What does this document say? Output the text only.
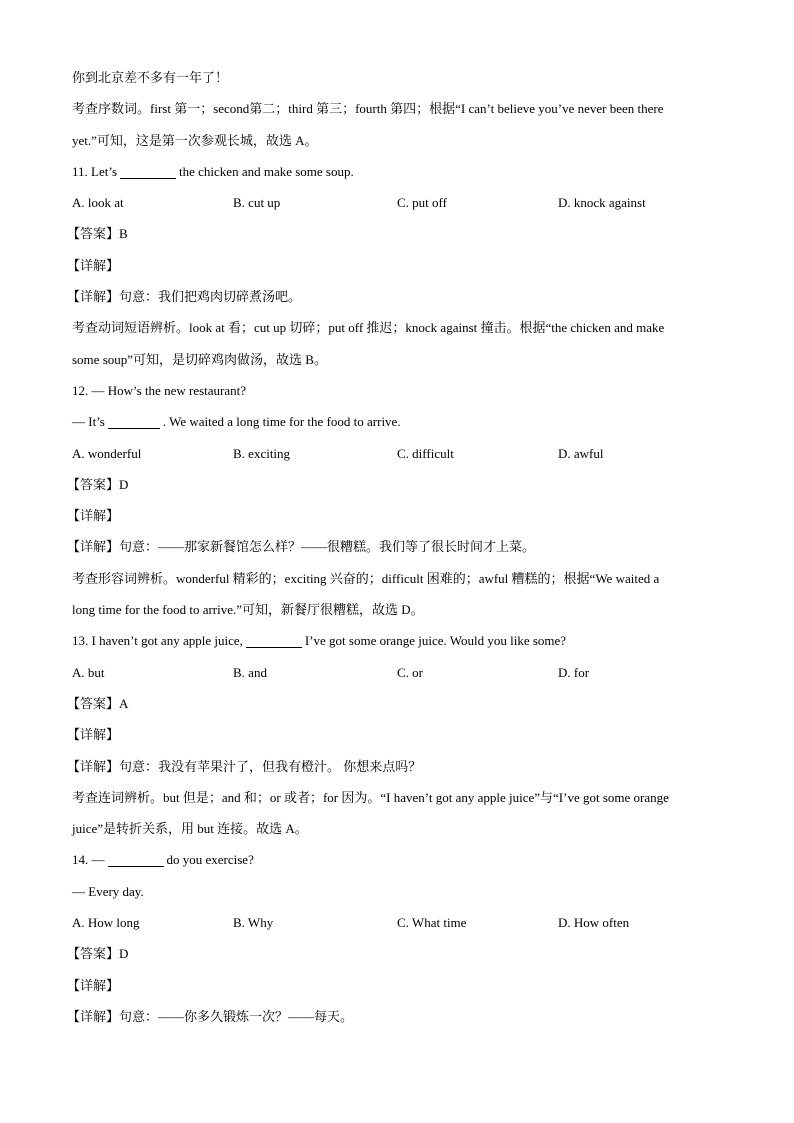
你到北京差不多有一年了！
考查序数词。first 第一；second第二；third 第三；fourth 第四；根据“I can’t believe you’ve never been there
yet.”可知，这是第一次参观长城，故选 A。
11. Let’s	the chicken and make some soup.
A. look at	B. cut up	C. put off	D. knock against
【答案】B
【详解】
【详解】句意：我们把鸡肉切碎煮汤吧。
考查动词短语辨析。look at 看；cut up 切碎；put off 推迟；knock against 撞击。根据“the chicken and make
some soup”可知，是切碎鸡肉做汤，故选 B。
12. — How’s the new restaurant?
— It’s	. We waited a long time for the food to arrive.
A. wonderful	B. exciting	C. difficult	D. awful
【答案】D
【详解】
【详解】句意：——那家新餐馆怎么样？——很糟糕。我们等了很长时间才上菜。
考查形容词辨析。wonderful 精彩的；exciting 兴奋的；difficult 困难的；awful 糟糕的；根据“We waited a
long time for the food to arrive.”可知，新餐厅很糟糕，故选 D。
13. I haven’t got any apple juice,	I’ve got some orange juice. Would you like some?
A. but	B. and	C. or	D. for
【答案】A
【详解】
【详解】句意：我没有苹果汁了，但我有橙汁。 你想来点吗？
考查连词辨析。but 但是；and 和；or 或者；for 因为。“I haven’t got any apple juice”与“I’ve got some orange
juice”是转折关系，用 but 连接。故选 A。
14. —	do you exercise?
— Every day.
A. How long	B. Why	C. What time	D. How often
【答案】D
【详解】
【详解】句意：——你多久锻炼一次？——每天。
